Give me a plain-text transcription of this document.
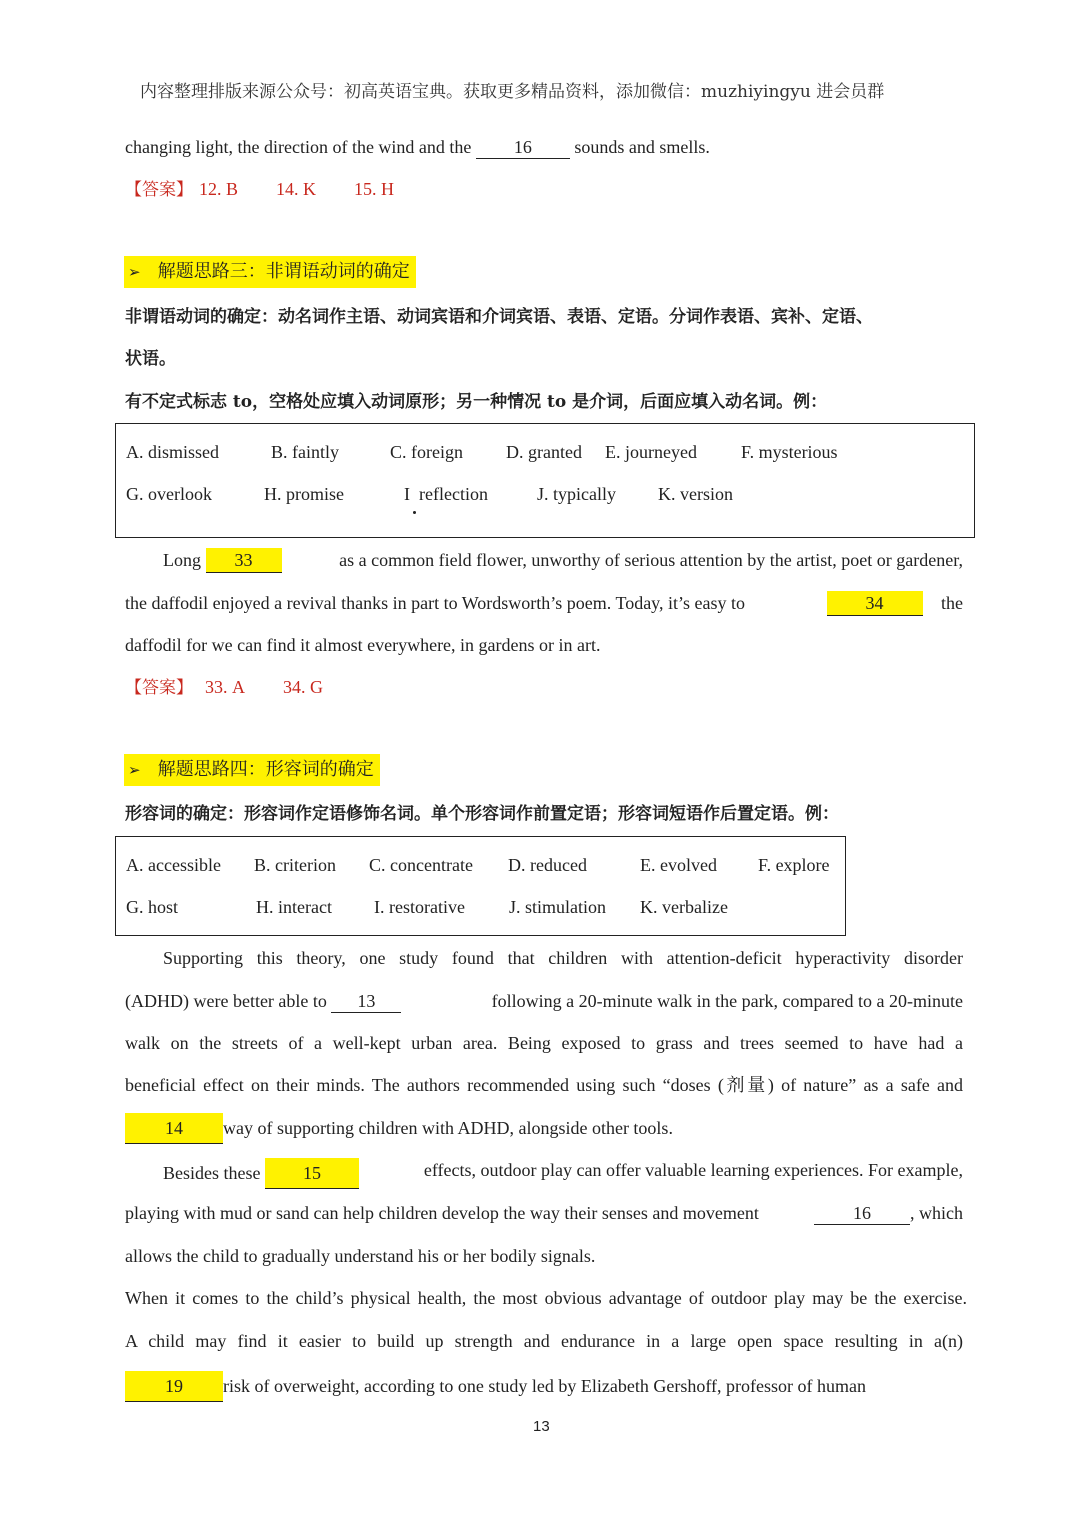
内容整理排版来源公众号：初高英语宝典。获取更多精品资料，添加微信：muzhiyingyu 进会员群
changing light, the direction of the wind and the 16 sounds and smells.
【答案】 12. B 14. K 15. H
➢ 解题思路三：非谓语动词的确定
非谓语动词的确定：动名词作主语、动词宾语和介词宾语、表语、定语。分词作表语、宾补、定语、
状语。
有不定式标志 to，空格处应填入动词原形；另一种情况 to 是介词，后面应填入动名词。例：
A. dismissed	B. faintly	C. foreign D. granted E. journeyed F. mysterious
G. overlook	H. promise	I  reflection	J. typically K. version
Long 33	as a common field flower, unworthy of serious attention by the artist, poet or gardener,
the daffodil enjoyed a revival thanks in part to Wordsworth’s poem. Today, it’s easy to	34	the
daffodil for we can find it almost everywhere, in gardens or in art.
【答案】 33. A 34. G
➢ 解题思路四：形容词的确定
形容词的确定：形容词作定语修饰名词。单个形容词作前置定语；形容词短语作后置定语。例：
A. accessible B. criterion C. concentrate D. reduced	E. evolved F. explore
G. host	H. interact I. restorative J. stimulation K. verbalize
Supporting this theory, one study found that children with attention-deficit hyperactivity disorder
(ADHD) were better able to 13	following a 20-minute walk in the park, compared to a 20-minute
walk on the streets of a well-kept urban area. Being exposed to grass and trees seemed to have had a
beneficial effect on their minds. The authors recommended using such “doses (剂量) of nature” as a safe and
14 way of supporting children with ADHD, alongside other tools.
Besides these 15	effects, outdoor play can offer valuable learning experiences. For example,
playing with mud or sand can help children develop the way their senses and movement	16 , which
allows the child to gradually understand his or her bodily signals.
When it comes to the child’s physical health, the most obvious advantage of outdoor play may be the exercise.
A child may find it easier to build up strength and endurance in a large open space resulting in a(n)
19 risk of overweight, according to one study led by Elizabeth Gershoff, professor of human
13
